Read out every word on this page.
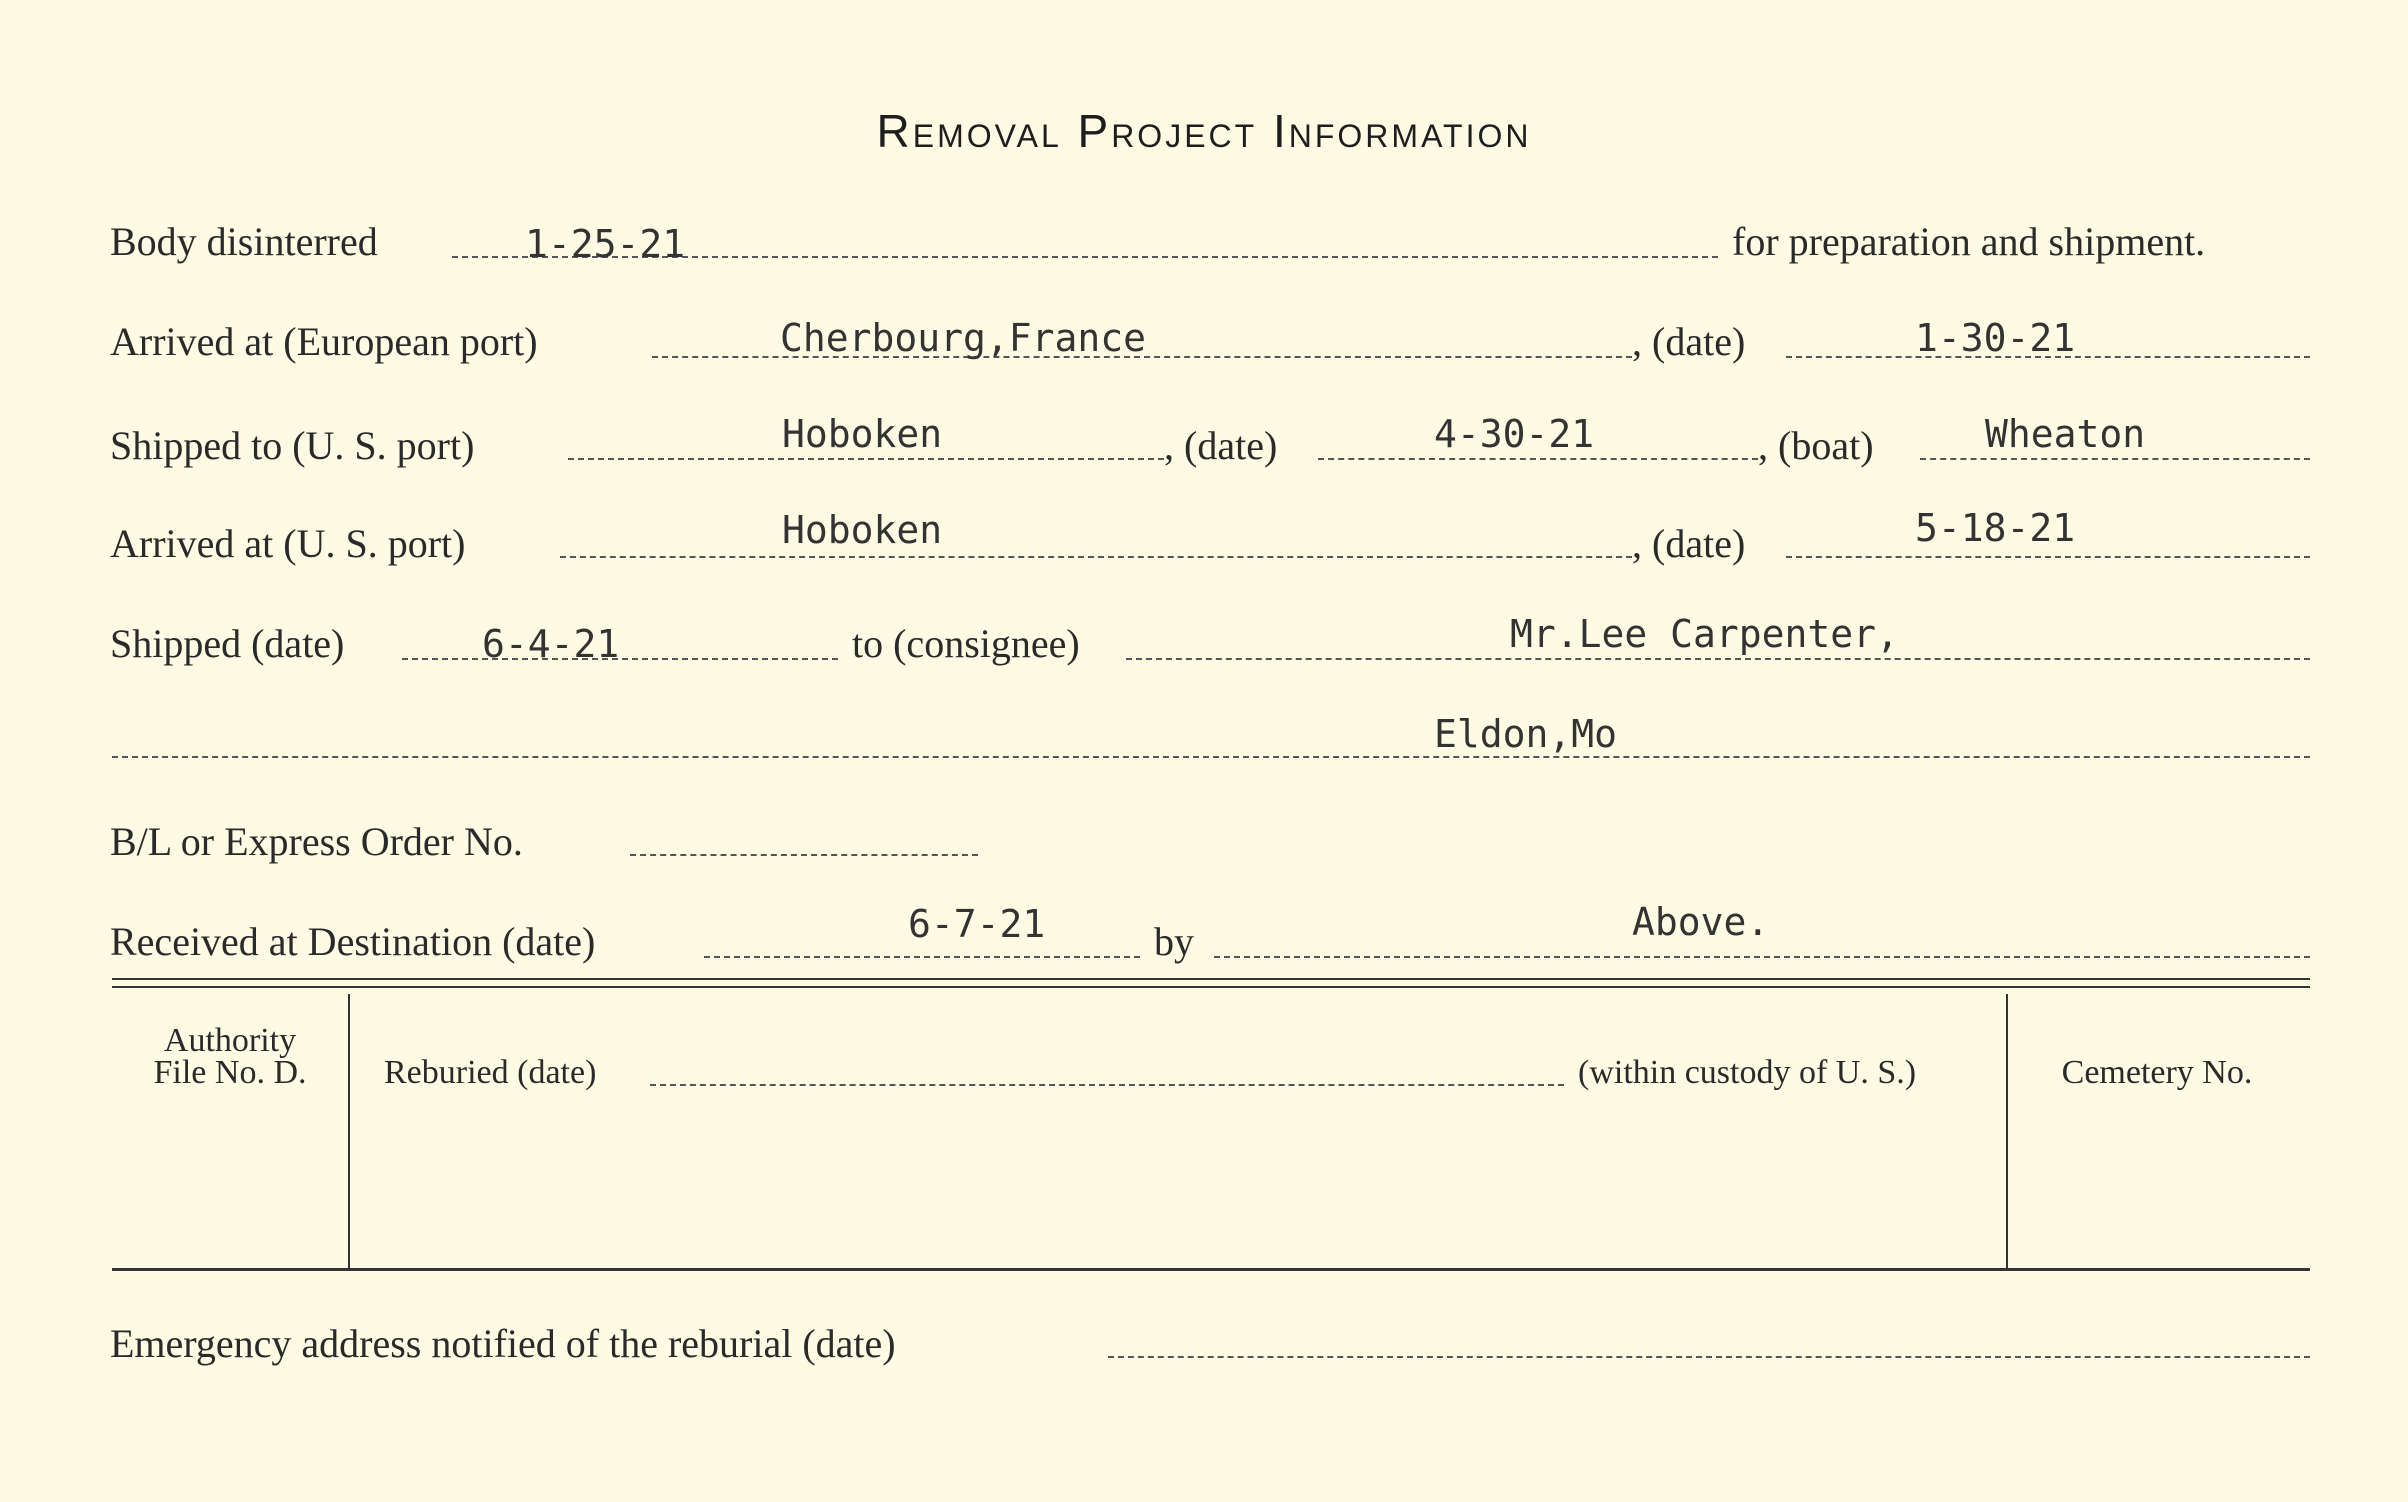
Removal Project Information
Body disinterred	1-25-21	for preparation and shipment.
Arrived at (European port)	Cherbourg,France	, (date)	1-30-21
Shipped to (U. S. port)	Hoboken	, (date)	4-30-21	, (boat)	Wheaton
Arrived at (U. S. port)	Hoboken	, (date)	5-18-21
Shipped (date)	6-4-21	to (consignee)	Mr.Lee Carpenter,
Eldon,Mo
B/L or Express Order No.
Received at Destination (date)	6-7-21	by	Above.
Authority
File No. D.	Reburied (date)	(within custody of U. S.)	Cemetery No.
Emergency address notified of the reburial (date)
